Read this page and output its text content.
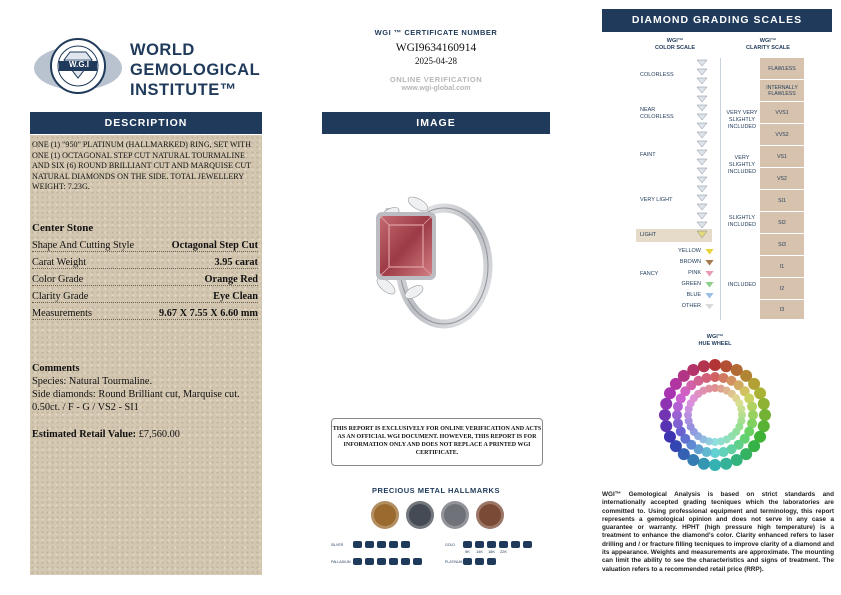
W.G.I
WORLD
GEMOLOGICAL
INSTITUTE™
DESCRIPTION
ONE (1) "950" PLATINUM (HALLMARKED) RING, SET WITH ONE (1) OCTAGONAL STEP CUT NATURAL TOURMALINE AND SIX (6) ROUND BRILLIANT CUT AND MARQUISE CUT NATURAL DIAMONDS ON THE SIDE. TOTAL JEWELLERY WEIGHT: 7.23G.
Center Stone
Shape And Cutting Style	Octagonal Step Cut
Carat Weight	3.95 carat
Color Grade	Orange Red
Clarity Grade	Eye Clean
Measurements	9.67 X 7.55 X 6.60 mm
Comments
Species: Natural Tourmaline.
Side diamonds: Round Brilliant cut, Marquise cut. 0.50ct. / F - G / VS2 - SI1
Estimated Retail Value: £7,560.00
WGI ™ CERTIFICATE NUMBER
WGI9634160914
2025-04-28
ONLINE VERIFICATION
www.wgi-global.com
IMAGE
THIS REPORT IS EXCLUSIVELY FOR ONLINE VERIFICATION AND ACTS AS AN OFFICIAL WGI DOCUMENT. HOWEVER, THIS REPORT IS FOR INFORMATION ONLY AND DOES NOT REPLACE A PRINTED WGI CERTIFICATE.
PRECIOUS METAL HALLMARKS
SILVER
PALLADIUM
GOLD
PLATINUM
9K	14K 18K 22K
DIAMOND GRADING SCALES
WGI™
COLOR SCALE
WGI™
CLARITY SCALE
COLORLESS
NEAR COLORLESS
FAINT
VERY LIGHT
LIGHT
FANCY
YELLOW
BROWN
PINK
GREEN
BLUE
OTHER
VERY VERY SLIGHTLY INCLUDED
VERY SLIGHTLY INCLUDED
SLIGHTLY INCLUDED
INCLUDED
FLAWLESS
INTERNALLY FLAWLESS
VVS1
VVS2
VS1
VS2
SI1
SI2
SI3
I1
I2
I3
WGI™
HUE WHEEL
WGI™ Gemological Analysis is based on strict standards and internationally accepted grading tecniques which the laboratories are committed to. Using professional equipment and terminology, this report represents a gemological opinion and does not serve in any case a guarantee or warranty. HPHT (high pressure high temperature) is a treatment to enhance the diamond's color. Clarity enhanced refers to laser drilling and / or fracture filling tecniques to improve clarity of a diamond and its appearance. Weights and measurements are approximate. The mounting can limit the ability to see the characteristics and signs of treatment. The valuation refers to a recommended retail price (RRP).
